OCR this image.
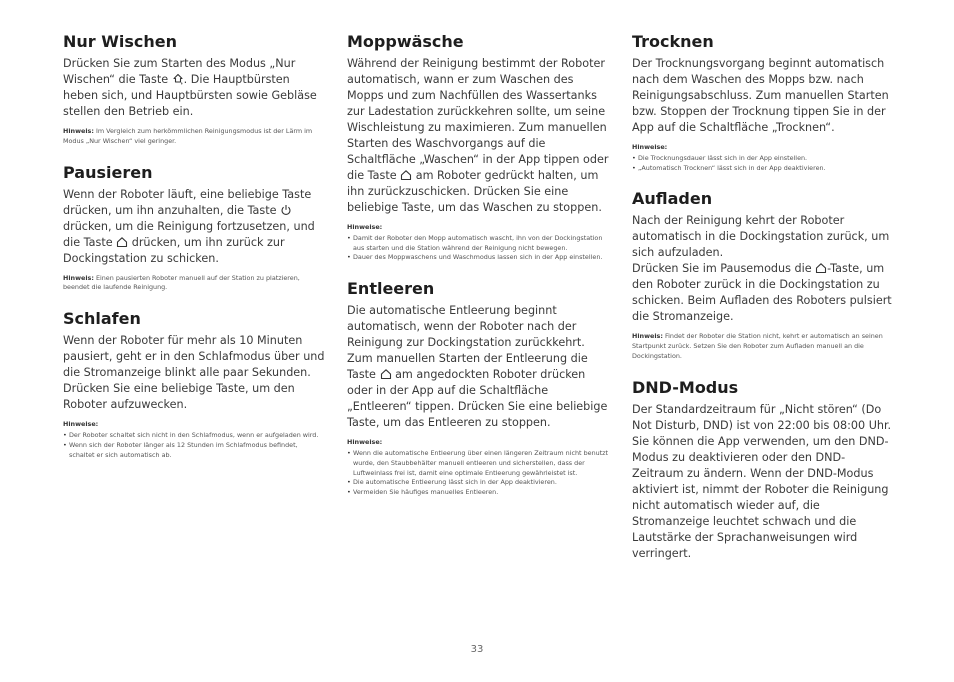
Nur Wischen

Drücken Sie zum Starten des Modus „Nur Wischen“ die Taste . Die Hauptbürsten heben sich, und Hauptbürsten sowie Gebläse stellen den Betrieb ein.

Hinweis: Im Vergleich zum herkömmlichen Reinigungsmodus ist der Lärm im Modus „Nur Wischen“ viel geringer.

Pausieren

Wenn der Roboter läuft, eine beliebige Taste drücken, um ihn anzuhalten, die Taste
drücken, um die Reinigung fortzusetzen, und die Taste drücken, um ihn zurück zur Dockingstation zu schicken.

Hinweis: Einen pausierten Roboter manuell auf der Station zu platzieren, beendet die laufende Reinigung.

Schlafen

Wenn der Roboter für mehr als 10 Minuten pausiert, geht er in den Schlafmodus über und die Stromanzeige blinkt alle paar Sekunden. Drücken Sie eine beliebige Taste, um den Roboter aufzuwecken.

Hinweise:

• Der Roboter schaltet sich nicht in den Schlafmodus, wenn er aufgeladen wird.
• Wenn sich der Roboter länger als 12 Stunden im Schlafmodus befindet, schaltet er sich automatisch ab.
Moppwäsche

Während der Reinigung bestimmt der Roboter automatisch, wann er zum Waschen des Mopps und zum Nachfüllen des Wassertanks zur Ladestation zurückkehren sollte, um seine Wischleistung zu maximieren. Zum manuellen Starten des Waschvorgangs auf die Schaltfläche „Waschen“ in der App tippen oder die Taste am Roboter gedrückt halten, um ihn zurückzuschicken. Drücken Sie eine beliebige Taste, um das Waschen zu stoppen.

Hinweise:

• Damit der Roboter den Mopp automatisch wascht, ihn von der Dockingstation aus starten und die Station während der Reinigung nicht bewegen.
• Dauer des Moppwaschens und Waschmodus lassen sich in der App einstellen.
Entleeren

Die automatische Entleerung beginnt automatisch, wenn der Roboter nach der Reinigung zur Dockingstation zurückkehrt. Zum manuellen Starten der Entleerung die Taste am angedockten Roboter drücken oder in der App auf die Schaltfläche „Entleeren“ tippen. Drücken Sie eine beliebige Taste, um das Entleeren zu stoppen.

Hinweise:

• Wenn die automatische Entleerung über einen längeren Zeitraum nicht benutzt wurde, den Staubbehälter manuell entleeren und sicherstellen, dass der Luftweinlass frei ist, damit eine optimale Entleerung gewährleistet ist.
• Die automatische Entleerung lässt sich in der App deaktivieren.
• Vermeiden Sie häufiges manuelles Entleeren.
Trocknen

Der Trocknungsvorgang beginnt automatisch nach dem Waschen des Mopps bzw. nach Reinigungsabschluss. Zum manuellen Starten bzw. Stoppen der Trocknung tippen Sie in der App auf die Schaltfläche „Trocknen“.

Hinweise:

• Die Trocknungsdauer lässt sich in der App einstellen.
• „Automatisch Trocknen“ lässt sich in der App deaktivieren.
Aufladen

Nach der Reinigung kehrt der Roboter automatisch in die Dockingstation zurück, um sich aufzuladen.

Drücken Sie im Pausemodus die -Taste, um den Roboter zurück in die Dockingstation zu schicken. Beim Aufladen des Roboters pulsiert die Stromanzeige.

Hinweis: Findet der Roboter die Station nicht, kehrt er automatisch an seinen Startpunkt zurück. Setzen Sie den Roboter zum Aufladen manuell an die Dockingstation.

DND-Modus

Der Standardzeitraum für „Nicht stören“ (Do Not Disturb, DND) ist von 22:00 bis 08:00 Uhr. Sie können die App verwenden, um den DND-Modus zu deaktivieren oder den DND-Zeitraum zu ändern. Wenn der DND-Modus aktiviert ist, nimmt der Roboter die Reinigung nicht automatisch wieder auf, die Stromanzeige leuchtet schwach und die Lautstärke der Sprachanweisungen wird verringert.

33
